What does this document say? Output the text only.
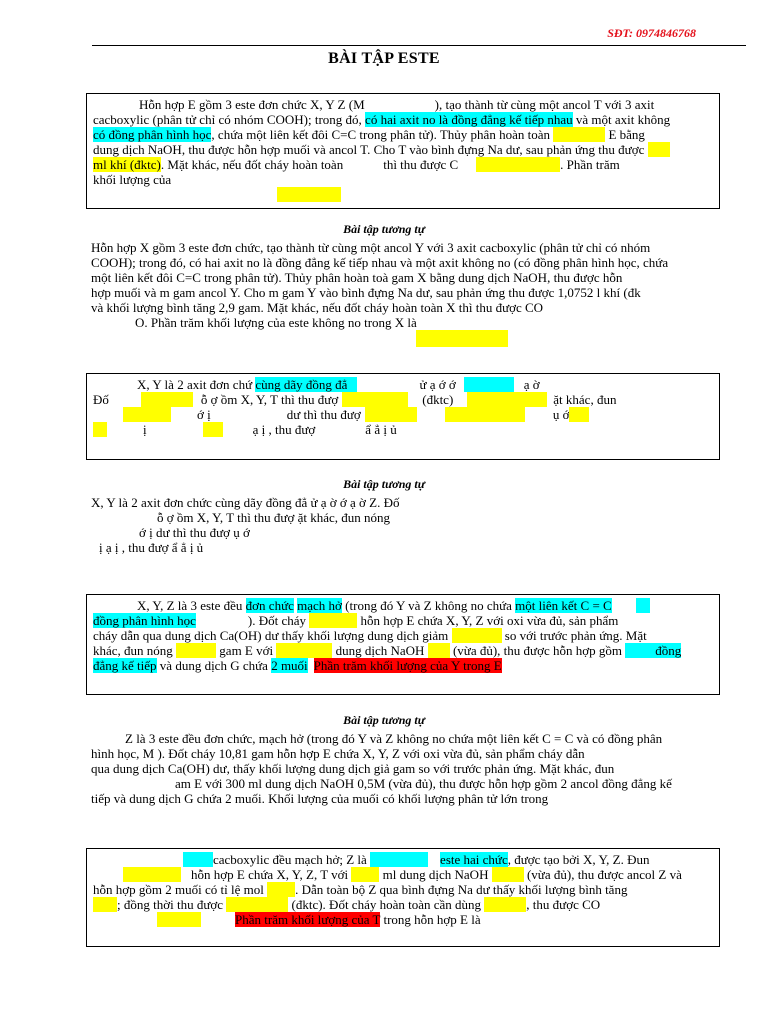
SĐT: 0974846768
BÀI TẬP ESTE
Hỗn hợp E gồm 3 este đơn chức X, Y Z (M	), tạo thành từ cùng một ancol T với 3 axit
cacboxylic (phân tử chỉ có nhóm COOH); trong đó, có hai axit no là đồng đẳng kế tiếp nhau và một axit không
có đồng phân hình học, chứa một liên kết đôi C=C trong phân tử). Thủy phân hoàn toàn	E bằng
dung dịch NaOH, thu được hỗn hợp muối và ancol T. Cho T vào bình đựng Na dư, sau phản ứng thu được
ml khí (đktc). Mặt khác, nếu đốt cháy hoàn toàn	thì thu được C	. Phần trăm
khối lượng của

Bài tập tương tự
Hỗn hợp X gồm 3 este đơn chức, tạo thành từ cùng một ancol Y với 3 axit cacboxylic (phân tử chỉ có nhóm
COOH); trong đó, có hai axit no là đồng đẳng kế tiếp nhau và một axit không no (có đồng phân hình học, chứa
một liên kết đôi C=C trong phân tử). Thủy phân hoàn toà gam X bằng dung dịch NaOH, thu được hỗn
hợp muối và m gam ancol Y. Cho m gam Y vào bình đựng Na dư, sau phản ứng thu được 1,0752 l khí (đk
và khối lượng bình tăng 2,9 gam. Mặt khác, nếu đốt cháy hoàn toàn X thì thu được CO
O. Phần trăm khối lượng của este không no trong X là

X, Y là 2 axit đơn chứ cùng dãy đồng đẳ	ử ạ ớ ớ	ạ ờ
Đố	ỗ ợ ồm X, Y, T thì thu đượ	(đktc)	ặt khác, đun
ớ ị	dư thì thu đượ	ụ ớ
ị	ạ ị , thu đượ	ẩ ẳ ị ủ
Bài tập tương tự
X, Y là 2 axit đơn chức cùng dãy đồng đẳ ử ạ ờ ớ ạ ờ Z. Đố
ỗ ợ ồm X, Y, T thì thu đượ ặt khác, đun nóng
ớ ị dư thì thu đượ ụ ớ
ị ạ ị , thu đượ ẩ ẳ ị ủ
X, Y, Z là 3 este đều đơn chức mạch hở (trong đó Y và Z không no chứa một liên kết C = C
đồng phân hình học	). Đốt cháy	hỗn hợp E chứa X, Y, Z với oxi vừa đủ, sản phẩm
cháy dẫn qua dung dịch Ca(OH) dư thấy khối lượng dung dịch giảm	so với trước phản ứng. Mặt
khác, đun nóng	gam E với	dung dịch NaOH (vừa đủ), thu được hỗn hợp gồm	đồng
đẳng kế tiếp và dung dịch G chứa 2 muối Phần trăm khối lượng của Y trong E
Bài tập tương tự
Z là 3 este đều đơn chức, mạch hở (trong đó Y và Z không no chứa một liên kết C = C và có đồng phân
hình học, M ). Đốt cháy 10,81 gam hỗn hợp E chứa X, Y, Z với oxi vừa đủ, sản phẩm cháy dẫn
qua dung dịch Ca(OH) dư, thấy khối lượng dung dịch giả gam so với trước phản ứng. Mặt khác, đun
am E với 300 ml dung dịch NaOH 0,5M (vừa đủ), thu được hỗn hợp gồm 2 ancol đồng đẳng kế
tiếp và dung dịch G chứa 2 muối. Khối lượng của muối có khối lượng phân tử lớn trong
cacboxylic đều mạch hở; Z là	este hai chức, được tạo bởi X, Y, Z. Đun
hỗn hợp E chứa X, Y, Z, T với	ml dung dịch NaOH	(vừa đủ), thu được ancol Z và
hỗn hợp gồm 2 muối có tỉ lệ mol . Dẫn toàn bộ Z qua bình đựng Na dư thấy khối lượng bình tăng
; đồng thời thu được	(đktc). Đốt cháy hoàn toàn cần dùng	, thu được CO
Phần trăm khối lượng của T trong hỗn hợp E là
